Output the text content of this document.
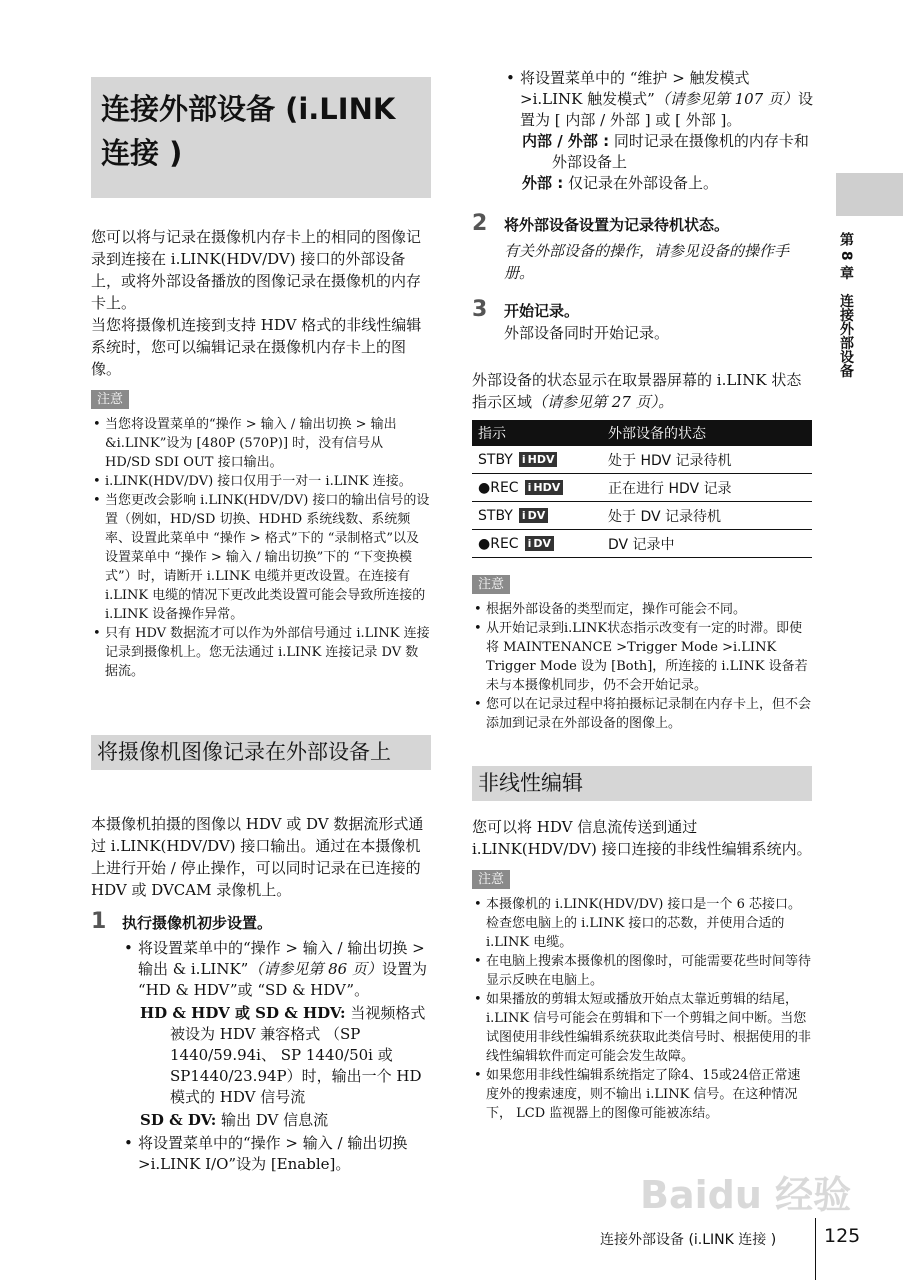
连接外部设备 (i.LINK 连接 )
第 8 章　连接外部设备

您可以将与记录在摄像机内存卡上的相同的图像记录到连接在 i.LINK(HDV/DV) 接口的外部设备上，或将外部设备播放的图像记录在摄像机的内存卡上。

当您将摄像机连接到支持 HDV 格式的非线性编辑系统时，您可以编辑记录在摄像机内存卡上的图像。

注意
• 当您将设置菜单的“操作 > 输入 / 输出切换 > 输出 &i.LINK”设为 [480P (570P)] 时，没有信号从 HD/SD SDI OUT 接口输出。
• i.LINK(HDV/DV) 接口仅用于一对一 i.LINK 连接。
• 当您更改会影响 i.LINK(HDV/DV) 接口的输出信号的设置（例如，HD/SD 切换、HDHD 系统线数、系统频率、设置此菜单中 “操作 > 格式”下的 “录制格式”以及设置菜单中 “操作 > 输入 / 输出切换”下的 “下变换模式”）时，请断开 i.LINK 电缆并更改设置。在连接有 i.LINK 电缆的情况下更改此类设置可能会导致所连接的 i.LINK 设备操作异常。
• 只有 HDV 数据流才可以作为外部信号通过 i.LINK 连接记录到摄像机上。您无法通过 i.LINK 连接记录 DV 数据流。
将摄像机图像记录在外部设备上

本摄像机拍摄的图像以 HDV 或 DV 数据流形式通过 i.LINK(HDV/DV) 接口输出。通过在本摄像机上进行开始 / 停止操作，可以同时记录在已连接的 HDV 或 DVCAM 录像机上。

1 执行摄像机初步设置。
• 将设置菜单中的“操作 > 输入 / 输出切换 > 输出 & i.LINK”（请参见第 86 页）设置为 “HD & HDV”或 “SD & HDV”。
HD & HDV 或 SD & HDV: 当视频格式被设为 HDV 兼容格式 （SP 1440/59.94i、 SP 1440/50i 或 SP1440/23.94P）时，输出一个 HD 模式的 HDV 信号流
SD & DV: 输出 DV 信息流
• 将设置菜单中的“操作 > 输入 / 输出切换 >i.LINK I/O”设为 [Enable]。
• 将设置菜单中的 “维护 > 触发模式 >i.LINK 触发模式”（请参见第 107 页）设置为 [ 内部 / 外部 ] 或 [ 外部 ]。
内部 / 外部 : 同时记录在摄像机的内存卡和外部设备上
外部 : 仅记录在外部设备上。
2 将外部设备设置为记录待机状态。
有关外部设备的操作，请参见设备的操作手册。
3 开始记录。
外部设备同时开始记录。
外部设备的状态显示在取景器屏幕的 i.LINK 状态指示区域（请参见第 27 页）。
指示	外部设备的状态
STBY i HDV	处于 HDV 记录待机
●REC i HDV	正在进行 HDV 记录
STBY i DV	处于 DV 记录待机
●REC i DV	DV 记录中
注意
• 根据外部设备的类型而定，操作可能会不同。
• 从开始记录到i.LINK状态指示改变有一定的时滞。即使将 MAINTENANCE >Trigger Mode >i.LINK Trigger Mode 设为 [Both]，所连接的 i.LINK 设备若未与本摄像机同步，仍不会开始记录。
• 您可以在记录过程中将拍摄标记录制在内存卡上，但不会添加到记录在外部设备的图像上。
非线性编辑

您可以将 HDV 信息流传送到通过 i.LINK(HDV/DV) 接口连接的非线性编辑系统内。

注意
• 本摄像机的 i.LINK(HDV/DV) 接口是一个 6 芯接口。检查您电脑上的 i.LINK 接口的芯数，并使用合适的 i.LINK 电缆。
• 在电脑上搜索本摄像机的图像时，可能需要花些时间等待显示反映在电脑上。
• 如果播放的剪辑太短或播放开始点太靠近剪辑的结尾， i.LINK 信号可能会在剪辑和下一个剪辑之间中断。当您试图使用非线性编辑系统获取此类信号时、根据使用的非线性编辑软件而定可能会发生故障。
• 如果您用非线性编辑系统指定了除4、15或24倍正常速度外的搜索速度，则不输出 i.LINK 信号。在这种情况下， LCD 监视器上的图像可能被冻结。
Baidu 经验
连接外部设备 (i.LINK 连接 )	125
